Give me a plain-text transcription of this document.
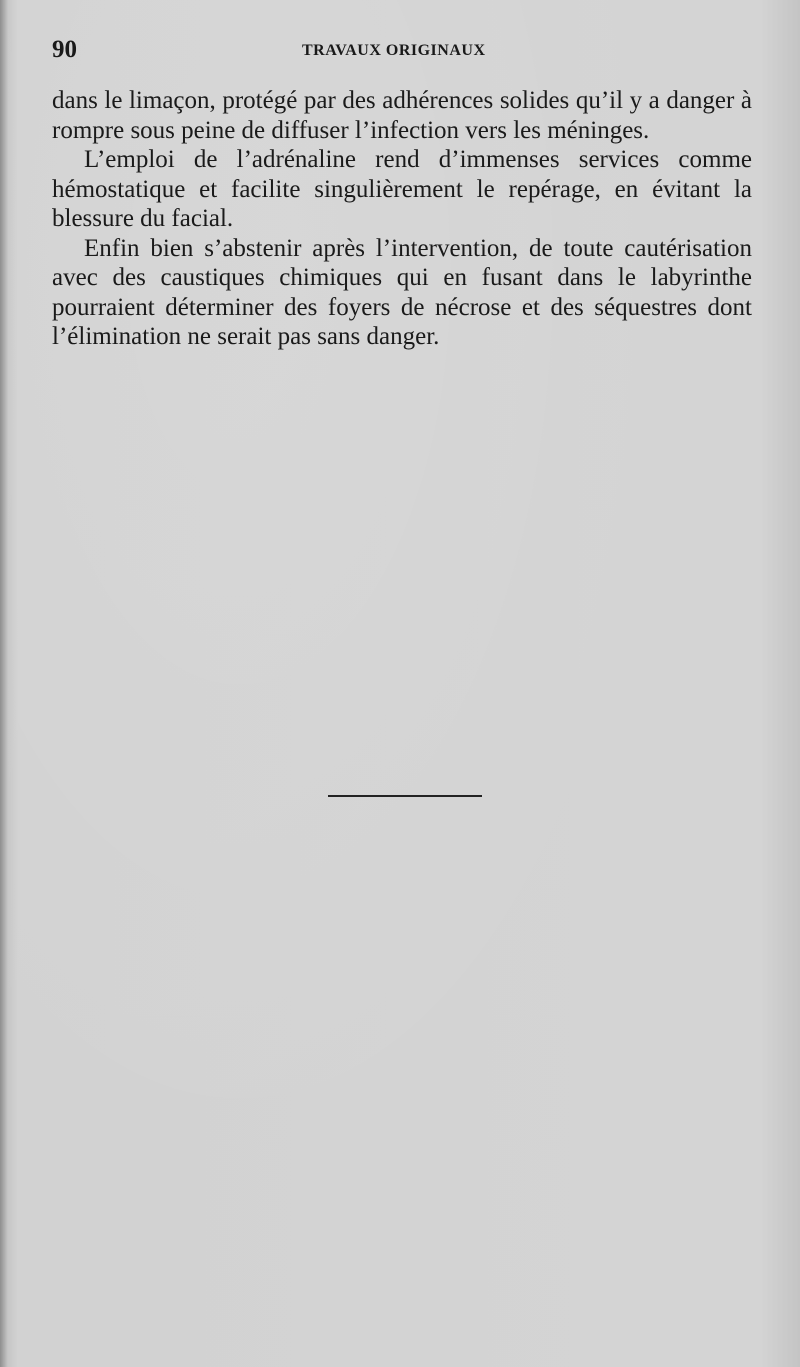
90	TRAVAUX ORIGINAUX

dans le limaçon, protégé par des adhérences solides qu’il y a danger à rompre sous peine de diffuser l’infection vers les méninges.

L’emploi de l’adrénaline rend d’immenses services comme hémostatique et facilite singulièrement le repérage, en évitant la blessure du facial.

Enfin bien s’abstenir après l’intervention, de toute cautérisation avec des caustiques chimiques qui en fusant dans le labyrinthe pourraient déterminer des foyers de nécrose et des séquestres dont l’élimination ne serait pas sans danger.
